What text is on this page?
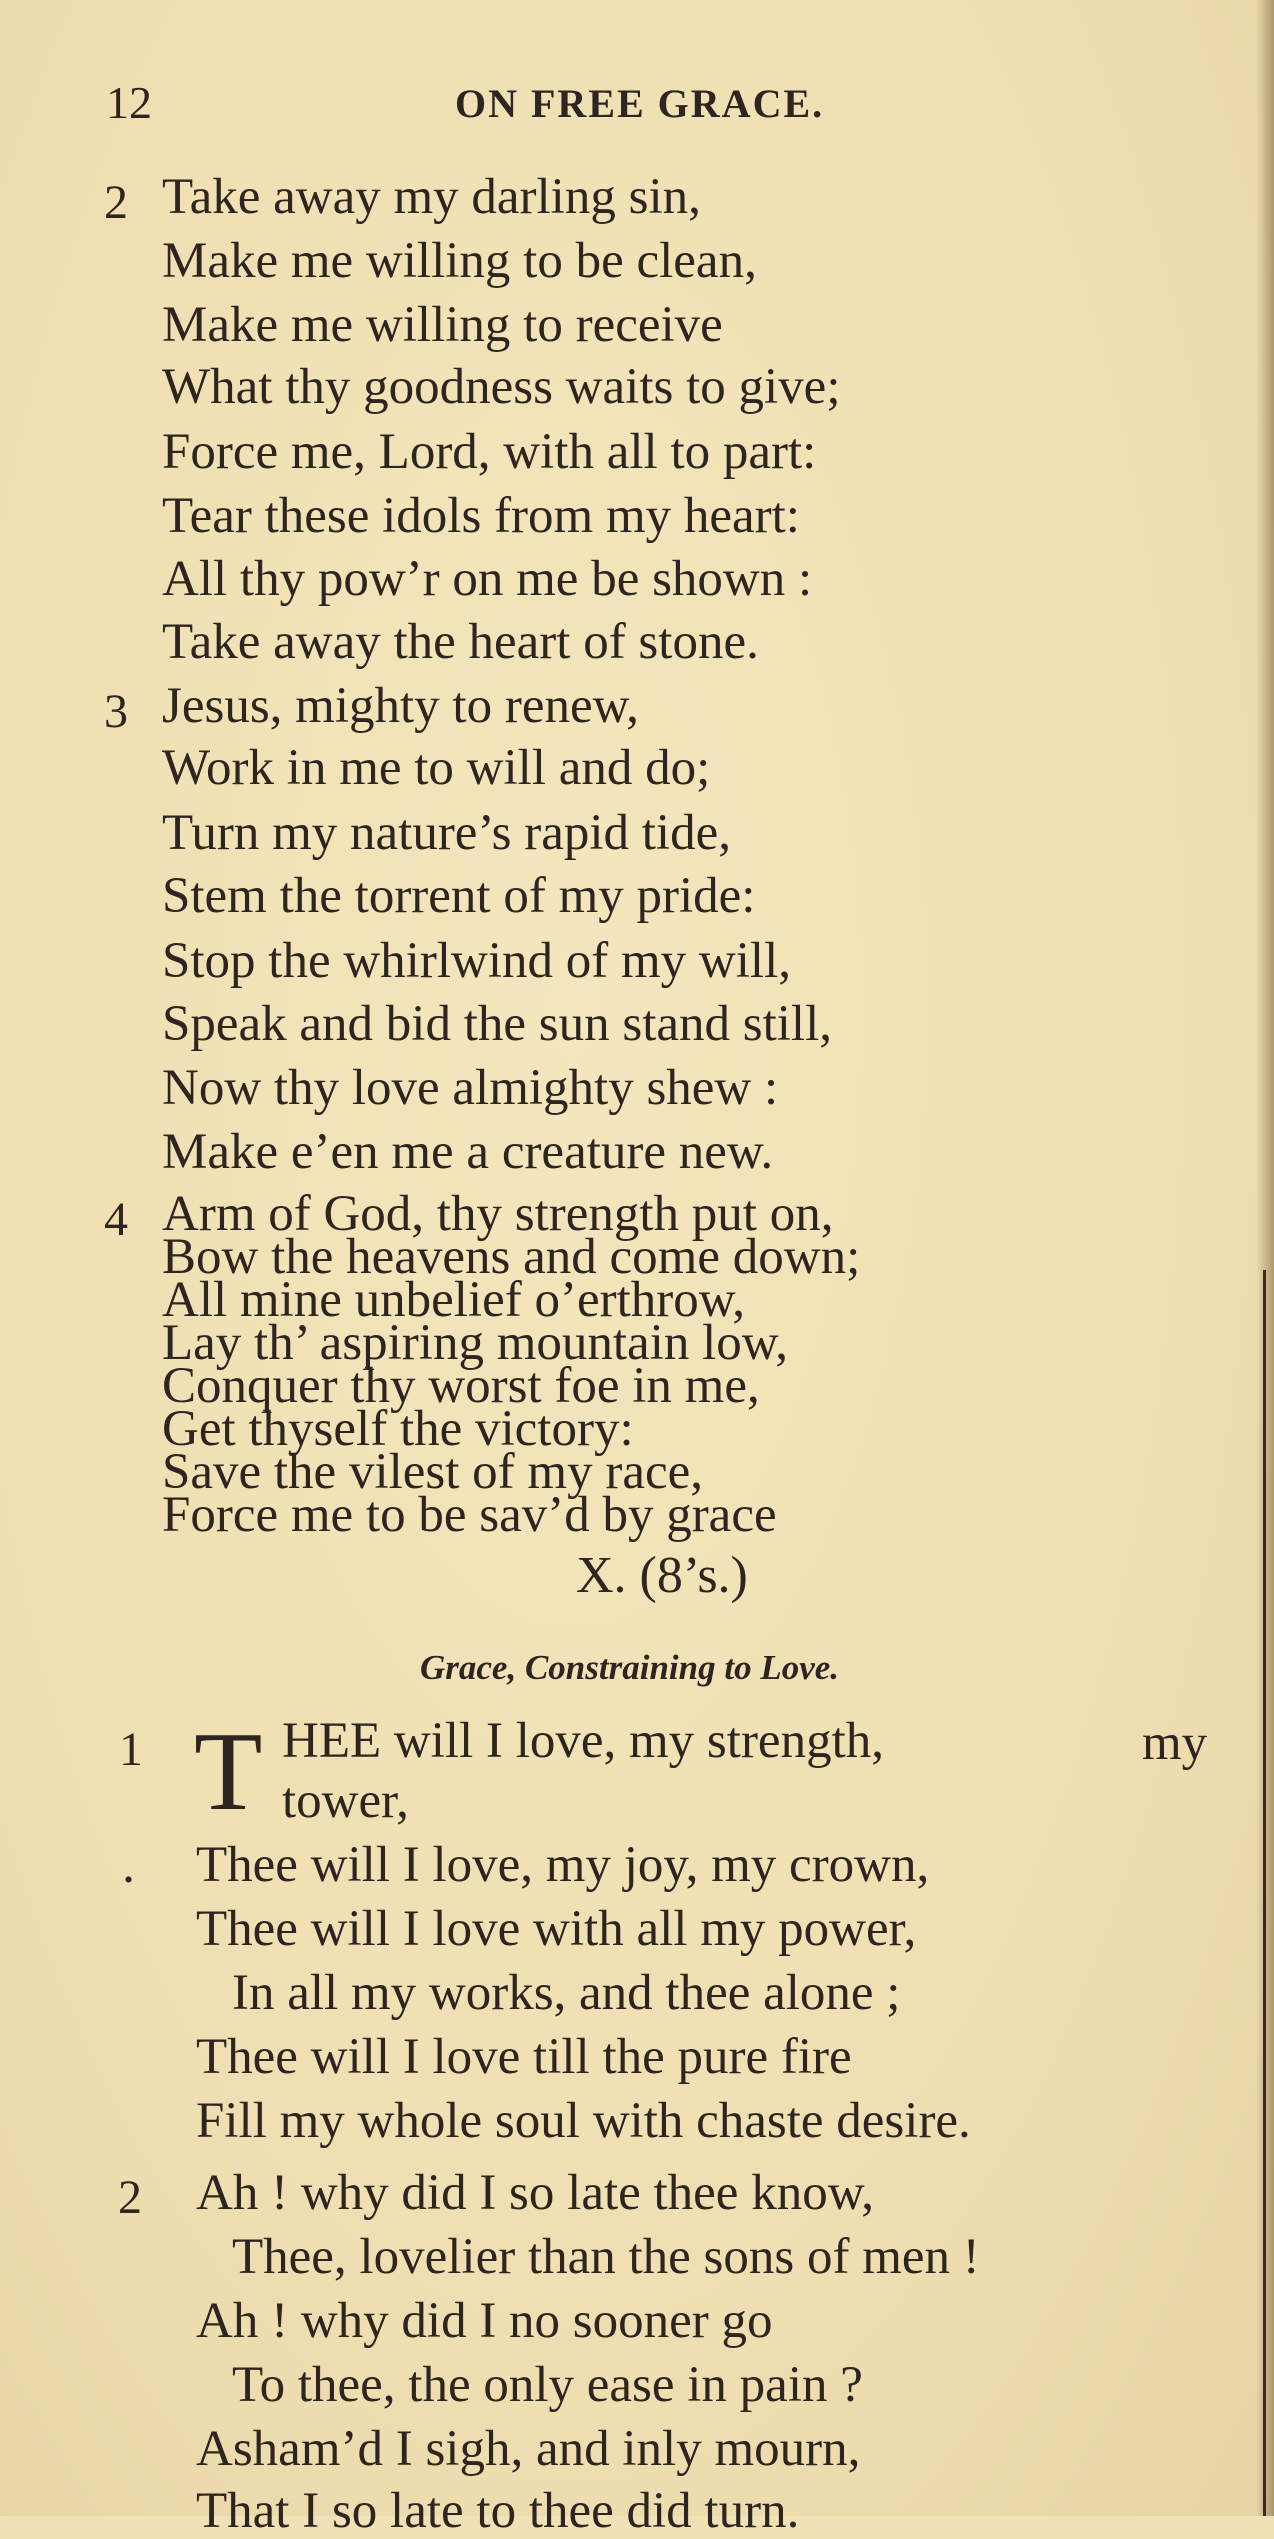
12	ON FREE GRACE.
2 Take away my darling sin,
Make me willing to be clean,
Make me willing to receive
What thy goodness waits to give;
Force me, Lord, with all to part:
Tear these idols from my heart:
All thy pow’r on me be shown :
Take away the heart of stone.
3 Jesus, mighty to renew,
Work in me to will and do;
Turn my nature’s rapid tide,
Stem the torrent of my pride:
Stop the whirlwind of my will,
Speak and bid the sun stand still,
Now thy love almighty shew :
Make e’en me a creature new.
4 Arm of God, thy strength put on,
Bow the heavens and come down;
All mine unbelief o’erthrow,
Lay th’ aspiring mountain low,
Conquer thy worst foe in me,
Get thyself the victory:
Save the vilest of my race,
X. (8’s.)
Grace, Constraining to Love.
1 T HEE will I love, my strength,	my
tower,
. Thee will I love, my joy, my crown,
Thee will I love with all my power,
In all my works, and thee alone ;
Thee will I love till the pure fire
Fill my whole soul with chaste desire.
2 Ah ! why did I so late thee know,
Thee, lovelier than the sons of men !
Ah ! why did I no sooner go
To thee, the only ease in pain ?
Asham’d I sigh, and inly mourn,
That I so late to thee did turn.
Force me to be sav’d by grace
